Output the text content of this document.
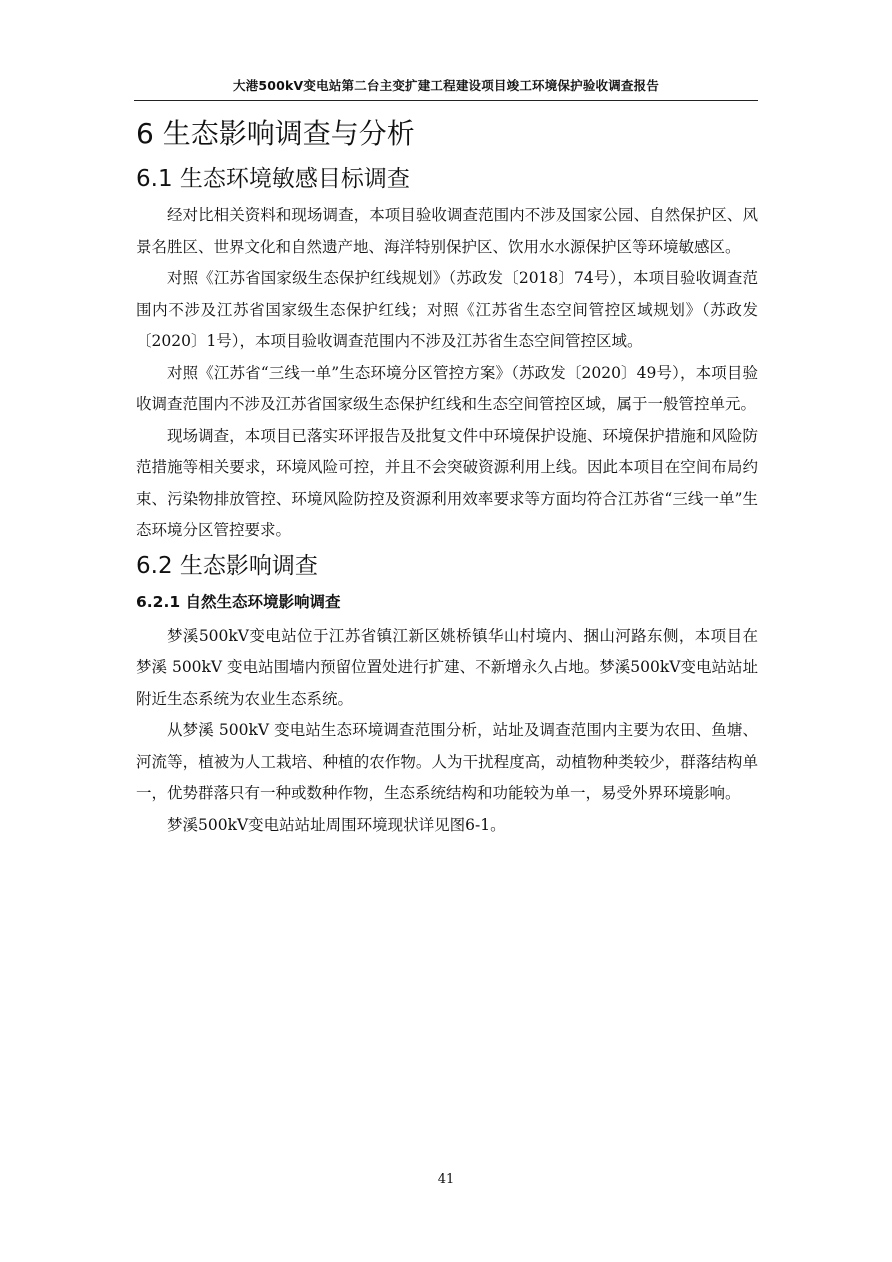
大港500kV变电站第二台主变扩建工程建设项目竣工环境保护验收调查报告
6 生态影响调查与分析
6.1 生态环境敏感目标调查

经对比相关资料和现场调查，本项目验收调查范围内不涉及国家公园、自然保护区、风景名胜区、世界文化和自然遗产地、海洋特别保护区、饮用水水源保护区等环境敏感区。

对照《江苏省国家级生态保护红线规划》（苏政发〔2018〕74号），本项目验收调查范围内不涉及江苏省国家级生态保护红线；对照《江苏省生态空间管控区域规划》（苏政发〔2020〕1号），本项目验收调查范围内不涉及江苏省生态空间管控区域。

对照《江苏省“三线一单”生态环境分区管控方案》（苏政发〔2020〕49号），本项目验收调查范围内不涉及江苏省国家级生态保护红线和生态空间管控区域，属于一般管控单元。

现场调查，本项目已落实环评报告及批复文件中环境保护设施、环境保护措施和风险防范措施等相关要求，环境风险可控，并且不会突破资源利用上线。因此本项目在空间布局约束、污染物排放管控、环境风险防控及资源利用效率要求等方面均符合江苏省“三线一单”生态环境分区管控要求。

6.2 生态影响调查
6.2.1 自然生态环境影响调查

梦溪500kV变电站位于江苏省镇江新区姚桥镇华山村境内、捆山河路东侧，本项目在梦溪 500kV 变电站围墙内预留位置处进行扩建、不新增永久占地。梦溪500kV变电站站址附近生态系统为农业生态系统。

从梦溪 500kV 变电站生态环境调查范围分析，站址及调查范围内主要为农田、鱼塘、河流等，植被为人工栽培、种植的农作物。人为干扰程度高，动植物种类较少，群落结构单一，优势群落只有一种或数种作物，生态系统结构和功能较为单一，易受外界环境影响。

梦溪500kV变电站站址周围环境现状详见图6-1。

41
